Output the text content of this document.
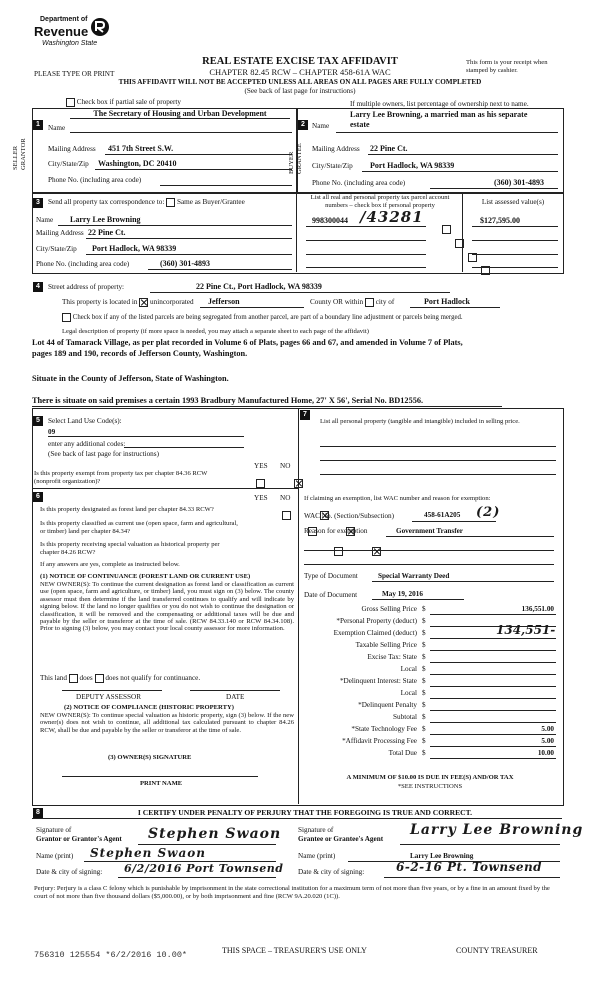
Department of
Revenue
Washington State
REAL ESTATE EXCISE TAX AFFIDAVIT
PLEASE TYPE OR PRINT	CHAPTER 82.45 RCW – CHAPTER 458-61A WAC
THIS AFFIDAVIT WILL NOT BE ACCEPTED UNLESS ALL AREAS ON ALL PAGES ARE FULLY COMPLETED
(See back of last page for instructions)
This form is your receipt when stamped by cashier.
Check box if partial sale of property	If multiple owners, list percentage of ownership next to name.
1	2
SELLER GRANTOR	BUYER GRANTEE
Name
The Secretary of Housing and Urban Development
Mailing Address 451 7th Street S.W.
City/State/Zip Washington, DC 20410
Phone No. (including area code)
Larry Lee Browning, a married man as his separate
Name	estate
Mailing Address 22 Pine Ct.
City/State/Zip Port Hadlock, WA 98339
Phone No. (including area code)	(360) 301-4893
3	Send all property tax correspondence to: Same as Buyer/Grantee
Name Larry Lee Browning
Mailing Address 22 Pine Ct.
City/State/Zip Port Hadlock, WA 98339
Phone No. (including area code)	(360) 301-4893
List all real and personal property tax parcel account numbers – check box if personal property	List assessed value(s)
998300044 /43281	$127,595.00

4	Street address of property:	22 Pine Ct., Port Hadlock, WA 98339
This property is located in unincorporated Jefferson	County OR within city of	Port Hadlock
Check box if any of the listed parcels are being segregated from another parcel, are part of a boundary line adjustment or parcels being merged.
Legal description of property (if more space is needed, you may attach a separate sheet to each page of the affidavit)
Lot 44 of Tamarack Village, as per plat recorded in Volume 6 of Plats, pages 66 and 67, and amended in Volume 7 of Plats,
pages 189 and 190, records of Jefferson County, Washington.
Situate in the County of Jefferson, State of Washington.
There is situate on said premises a certain 1993 Bradbury Manufactured Home, 27' X 56', Serial No. BD12556.
5	Select Land Use Code(s):
09
enter any additional codes:
(See back of last page for instructions)
YES NO
Is this property exempt from property tax per chapter 84.36 RCW (nonprofit organization)?

6	YES NO
Is this property designated as forest land per chapter 84.33 RCW?

Is this property classified as current use (open space, farm and agricultural, or timber) land per chapter 84.34?

Is this property receiving special valuation as historical property per chapter 84.26 RCW?

If any answers are yes, complete as instructed below.
(1) NOTICE OF CONTINUANCE (FOREST LAND OR CURRENT USE)
NEW OWNER(S): To continue the current designation as forest land or classification as current use (open space, farm and agriculture, or timber) land, you must sign on (3) below. The county assessor must then determine if the land transferred continues to qualify and will indicate by signing below. If the land no longer qualifies or you do not wish to continue the designation or classification, it will be removed and the compensating or additional taxes will be due and payable by the seller or transferor at the time of sale. (RCW 84.33.140 or RCW 84.34.108). Prior to signing (3) below, you may contact your local county assessor for more information.
This land does does not qualify for continuance.
DEPUTY ASSESSOR	DATE
(2) NOTICE OF COMPLIANCE (HISTORIC PROPERTY)
NEW OWNER(S): To continue special valuation as historic property, sign (3) below. If the new owner(s) does not wish to continue, all additional tax calculated pursuant to chapter 84.26 RCW, shall be due and payable by the seller or transferor at the time of sale.
(3) OWNER(S) SIGNATURE
PRINT NAME
7
List all personal property (tangible and intangible) included in selling price.
If claiming an exemption, list WAC number and reason for exemption:
WAC No. (Section/Subsection)	458-61A205 (2)
Reason for exemption	Government Transfer
Type of Document	Special Warranty Deed
Date of Document	May 19, 2016
Gross Selling Price $	136,551.00
*Personal Property (deduct) $
Exemption Claimed (deduct) $	134,551-
Taxable Selling Price $
Excise Tax: State $
Local $
*Delinquent Interest: State $
Local $
*Delinquent Penalty $
Subtotal $
*State Technology Fee $	5.00
*Affidavit Processing Fee $	5.00
Total Due $	10.00
A MINIMUM OF $10.00 IS DUE IN FEE(S) AND/OR TAX
*SEE INSTRUCTIONS
8	I CERTIFY UNDER PENALTY OF PERJURY THAT THE FOREGOING IS TRUE AND CORRECT.
Signature of
Grantor or Grantor's Agent Stephen Swaon
Name (print) Stephen Swaon
Date & city of signing: 6/2/2016 Port Townsend
Signature of
Grantee or Grantee's Agent
Larry Lee Browning
Name (print)	Larry Lee Browning
Date & city of signing:	6-2-16 Pt. Townsend
Perjury: Perjury is a class C felony which is punishable by imprisonment in the state correctional institution for a maximum term of not more than five years, or by a fine in an amount fixed by the court of not more than five thousand dollars ($5,000.00), or by both imprisonment and fine (RCW 9A.20.020 (1C)).
756310 125554 *6/2/2016 10.00*	THIS SPACE – TREASURER'S USE ONLY	COUNTY TREASURER
